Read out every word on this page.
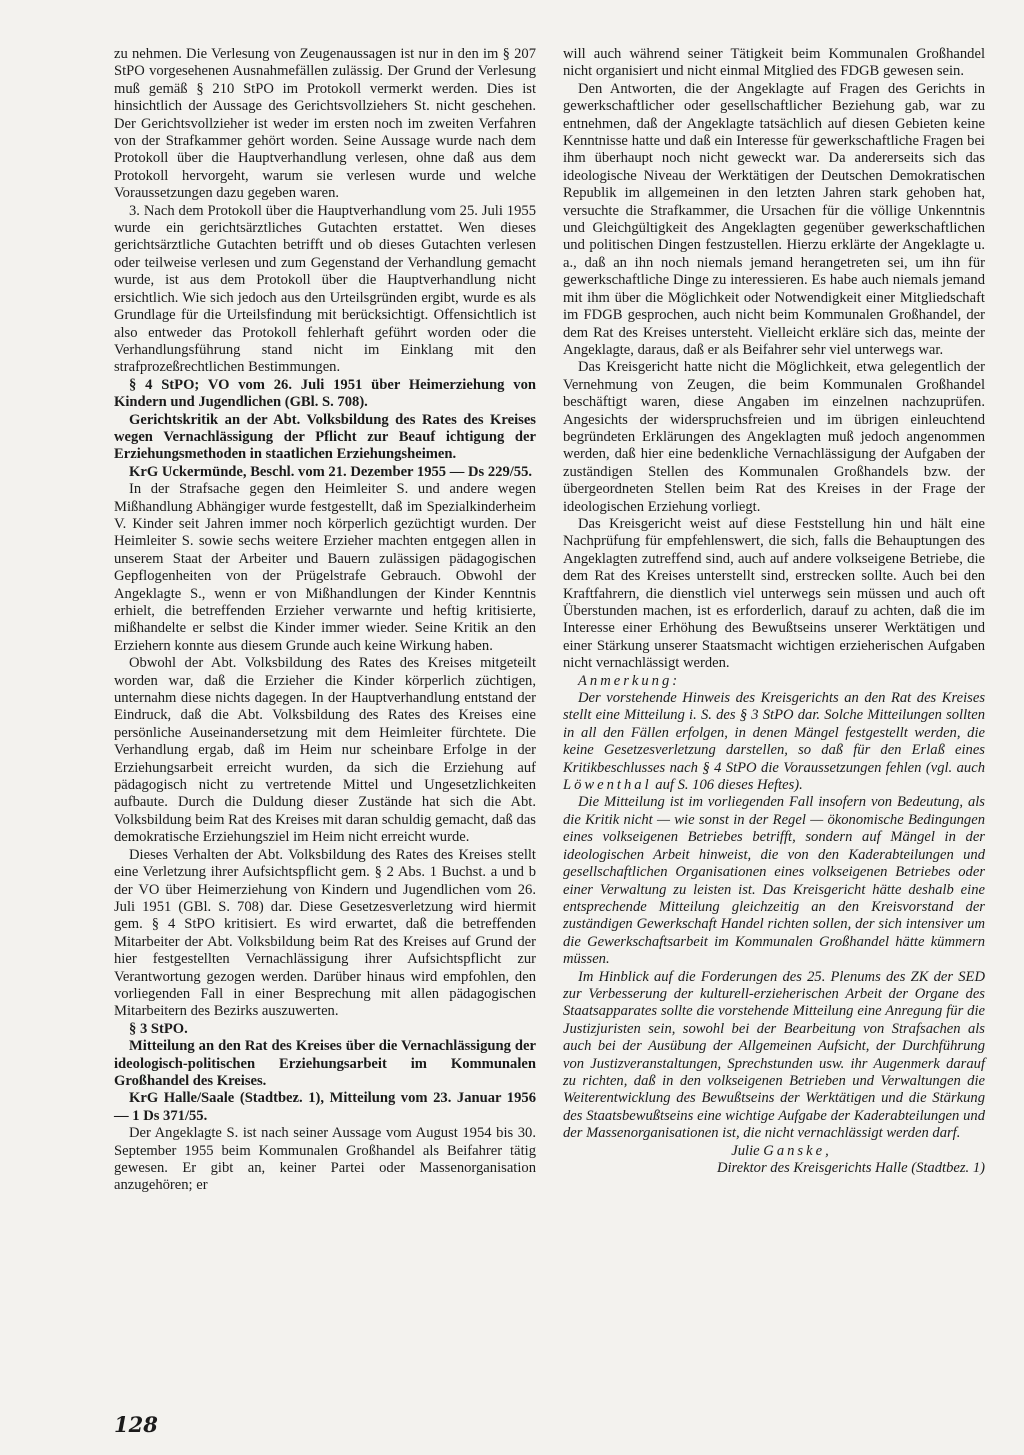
zu nehmen. Die Verlesung von Zeugenaussagen ist nur in den im § 207 StPO vorgesehenen Ausnahmefällen zulässig. Der Grund der Verlesung muß gemäß § 210 StPO im Protokoll vermerkt werden. Dies ist hinsichtlich der Aussage des Gerichtsvollziehers St. nicht geschehen. Der Gerichtsvollzieher ist weder im ersten noch im zweiten Verfahren von der Strafkammer gehört worden. Seine Aussage wurde nach dem Protokoll über die Hauptverhandlung verlesen, ohne daß aus dem Protokoll hervorgeht, warum sie verlesen wurde und welche Voraussetzungen dazu gegeben waren.

3. Nach dem Protokoll über die Hauptverhandlung vom 25. Juli 1955 wurde ein gerichtsärztliches Gutachten erstattet. Wen dieses gerichtsärztliche Gutachten betrifft und ob dieses Gutachten verlesen oder teilweise verlesen und zum Gegenstand der Verhandlung gemacht wurde, ist aus dem Protokoll über die Hauptverhandlung nicht ersichtlich. Wie sich jedoch aus den Urteilsgründen ergibt, wurde es als Grundlage für die Urteilsfindung mit berücksichtigt. Offensichtlich ist also entweder das Protokoll fehlerhaft geführt worden oder die Verhandlungsführung stand nicht im Einklang mit den strafprozeßrechtlichen Bestimmungen.

§ 4 StPO; VO vom 26. Juli 1951 über Heimerziehung von Kindern und Jugendlichen (GBl. S. 708).

Gerichtskritik an der Abt. Volksbildung des Rates des Kreises wegen Vernachlässigung der Pflicht zur Beauf ichtigung der Erziehungsmethoden in staatlichen Erziehungsheimen.

KrG Uckermünde, Beschl. vom 21. Dezember 1955 — Ds 229/55.

In der Strafsache gegen den Heimleiter S. und andere wegen Mißhandlung Abhängiger wurde festgestellt, daß im Spezialkinderheim V. Kinder seit Jahren immer noch körperlich gezüchtigt wurden. Der Heimleiter S. sowie sechs weitere Erzieher machten entgegen allen in unserem Staat der Arbeiter und Bauern zulässigen pädagogischen Gepflogenheiten von der Prügelstrafe Gebrauch. Obwohl der Angeklagte S., wenn er von Mißhandlungen der Kinder Kenntnis erhielt, die betreffenden Erzieher verwarnte und heftig kritisierte, mißhandelte er selbst die Kinder immer wieder. Seine Kritik an den Erziehern konnte aus diesem Grunde auch keine Wirkung haben.

Obwohl der Abt. Volksbildung des Rates des Kreises mitgeteilt worden war, daß die Erzieher die Kinder körperlich züchtigen, unternahm diese nichts dagegen. In der Hauptverhandlung entstand der Eindruck, daß die Abt. Volksbildung des Rates des Kreises eine persönliche Auseinandersetzung mit dem Heimleiter fürchtete. Die Verhandlung ergab, daß im Heim nur scheinbare Erfolge in der Erziehungsarbeit erreicht wurden, da sich die Erziehung auf pädagogisch nicht zu vertretende Mittel und Ungesetzlichkeiten aufbaute. Durch die Duldung dieser Zustände hat sich die Abt. Volksbildung beim Rat des Kreises mit daran schuldig gemacht, daß das demokratische Erziehungsziel im Heim nicht erreicht wurde.

Dieses Verhalten der Abt. Volksbildung des Rates des Kreises stellt eine Verletzung ihrer Aufsichtspflicht gem. § 2 Abs. 1 Buchst. a und b der VO über Heimerziehung von Kindern und Jugendlichen vom 26. Juli 1951 (GBl. S. 708) dar. Diese Gesetzesverletzung wird hiermit gem. § 4 StPO kritisiert. Es wird erwartet, daß die betreffenden Mitarbeiter der Abt. Volksbildung beim Rat des Kreises auf Grund der hier festgestellten Vernachlässigung ihrer Aufsichtspflicht zur Verantwortung gezogen werden. Darüber hinaus wird empfohlen, den vorliegenden Fall in einer Besprechung mit allen pädagogischen Mitarbeitern des Bezirks auszuwerten.

§ 3 StPO.

Mitteilung an den Rat des Kreises über die Vernachlässigung der ideologisch-politischen Erziehungsarbeit im Kommunalen Großhandel des Kreises.

KrG Halle/Saale (Stadtbez. 1), Mitteilung vom 23. Januar 1956 — 1 Ds 371/55.

Der Angeklagte S. ist nach seiner Aussage vom August 1954 bis 30. September 1955 beim Kommunalen Großhandel als Beifahrer tätig gewesen. Er gibt an, keiner Partei oder Massenorganisation anzugehören; er

will auch während seiner Tätigkeit beim Kommunalen Großhandel nicht organisiert und nicht einmal Mitglied des FDGB gewesen sein.

Den Antworten, die der Angeklagte auf Fragen des Gerichts in gewerkschaftlicher oder gesellschaftlicher Beziehung gab, war zu entnehmen, daß der Angeklagte tatsächlich auf diesen Gebieten keine Kenntnisse hatte und daß ein Interesse für gewerkschaftliche Fragen bei ihm überhaupt noch nicht geweckt war. Da andererseits sich das ideologische Niveau der Werktätigen der Deutschen Demokratischen Republik im allgemeinen in den letzten Jahren stark gehoben hat, versuchte die Strafkammer, die Ursachen für die völlige Unkenntnis und Gleichgültigkeit des Angeklagten gegenüber gewerkschaftlichen und politischen Dingen festzustellen. Hierzu erklärte der Angeklagte u. a., daß an ihn noch niemals jemand herangetreten sei, um ihn für gewerkschaftliche Dinge zu interessieren. Es habe auch niemals jemand mit ihm über die Möglichkeit oder Notwendigkeit einer Mitgliedschaft im FDGB gesprochen, auch nicht beim Kommunalen Großhandel, der dem Rat des Kreises untersteht. Vielleicht erkläre sich das, meinte der Angeklagte, daraus, daß er als Beifahrer sehr viel unterwegs war.

Das Kreisgericht hatte nicht die Möglichkeit, etwa gelegentlich der Vernehmung von Zeugen, die beim Kommunalen Großhandel beschäftigt waren, diese Angaben im einzelnen nachzuprüfen. Angesichts der widerspruchsfreien und im übrigen einleuchtend begründeten Erklärungen des Angeklagten muß jedoch angenommen werden, daß hier eine bedenkliche Vernachlässigung der Aufgaben der zuständigen Stellen des Kommunalen Großhandels bzw. der übergeordneten Stellen beim Rat des Kreises in der Frage der ideologischen Erziehung vorliegt.

Das Kreisgericht weist auf diese Feststellung hin und hält eine Nachprüfung für empfehlenswert, die sich, falls die Behauptungen des Angeklagten zutreffend sind, auch auf andere volkseigene Betriebe, die dem Rat des Kreises unterstellt sind, erstrecken sollte. Auch bei den Kraftfahrern, die dienstlich viel unterwegs sein müssen und auch oft Überstunden machen, ist es erforderlich, darauf zu achten, daß die im Interesse einer Erhöhung des Bewußtseins unserer Werktätigen und einer Stärkung unserer Staatsmacht wichtigen erzieherischen Aufgaben nicht vernachlässigt werden.

Anmerkung:

Der vorstehende Hinweis des Kreisgerichts an den Rat des Kreises stellt eine Mitteilung i. S. des § 3 StPO dar. Solche Mitteilungen sollten in all den Fällen erfolgen, in denen Mängel festgestellt werden, die keine Gesetzesverletzung darstellen, so daß für den Erlaß eines Kritikbeschlusses nach § 4 StPO die Voraussetzungen fehlen (vgl. auch Löwenthal auf S. 106 dieses Heftes).

Die Mitteilung ist im vorliegenden Fall insofern von Bedeutung, als die Kritik nicht — wie sonst in der Regel — ökonomische Bedingungen eines volkseigenen Betriebes betrifft, sondern auf Mängel in der ideologischen Arbeit hinweist, die von den Kaderabteilungen und gesellschaftlichen Organisationen eines volkseigenen Betriebes oder einer Verwaltung zu leisten ist. Das Kreisgericht hätte deshalb eine entsprechende Mitteilung gleichzeitig an den Kreisvorstand der zuständigen Gewerkschaft Handel richten sollen, der sich intensiver um die Gewerkschaftsarbeit im Kommunalen Großhandel hätte kümmern müssen.

Im Hinblick auf die Forderungen des 25. Plenums des ZK der SED zur Verbesserung der kulturell-erzieherischen Arbeit der Organe des Staatsapparates sollte die vorstehende Mitteilung eine Anregung für die Justizjuristen sein, sowohl bei der Bearbeitung von Strafsachen als auch bei der Ausübung der Allgemeinen Aufsicht, der Durchführung von Justizveranstaltungen, Sprechstunden usw. ihr Augenmerk darauf zu richten, daß in den volkseigenen Betrieben und Verwaltungen die Weiterentwicklung des Bewußtseins der Werktätigen und die Stärkung des Staatsbewußtseins eine wichtige Aufgabe der Kaderabteilungen und der Massenorganisationen ist, die nicht vernachlässigt werden darf.

Julie Ganske,

Direktor des Kreisgerichts Halle (Stadtbez. 1)

128
